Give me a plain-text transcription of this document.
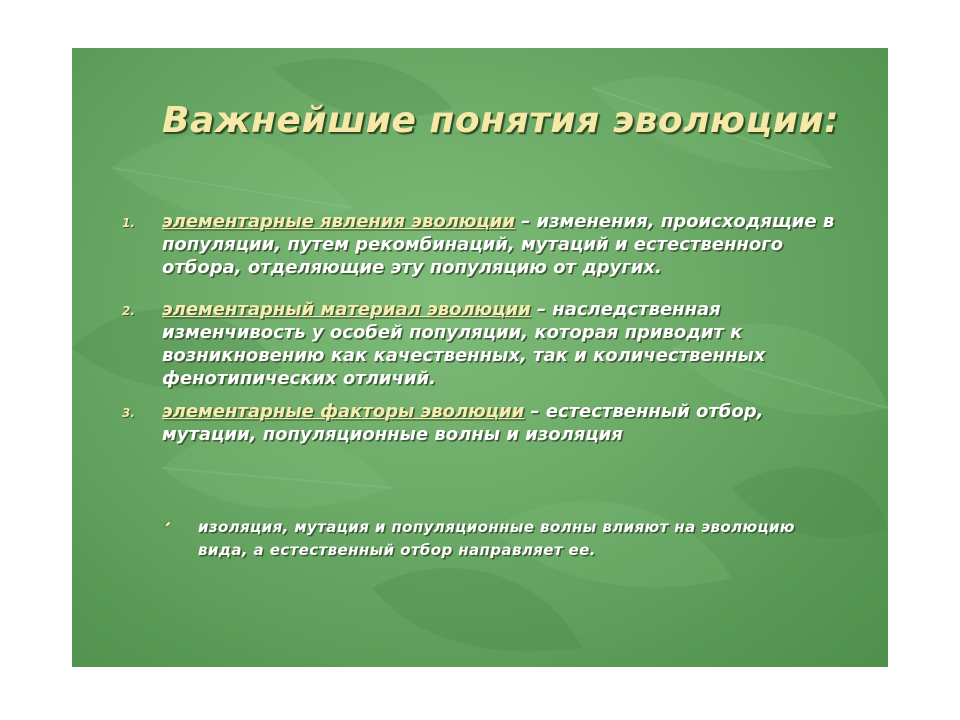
Важнейшие понятия эволюции:
1.	элементарные явления эволюции – изменения, происходящие в популяции, путем рекомбинаций, мутаций и естественного отбора, отделяющие эту популяцию от других.
2.	элементарный материал эволюции – наследственная изменчивость у особей популяции, которая приводит к возникновению как качественных, так и количественных фенотипических отличий.
3.	элементарные факторы эволюции – естественный отбор, мутации, популяционные волны и изоляция
изоляция, мутация и популяционные волны влияют на эволюцию вида, а естественный отбор направляет ее.
